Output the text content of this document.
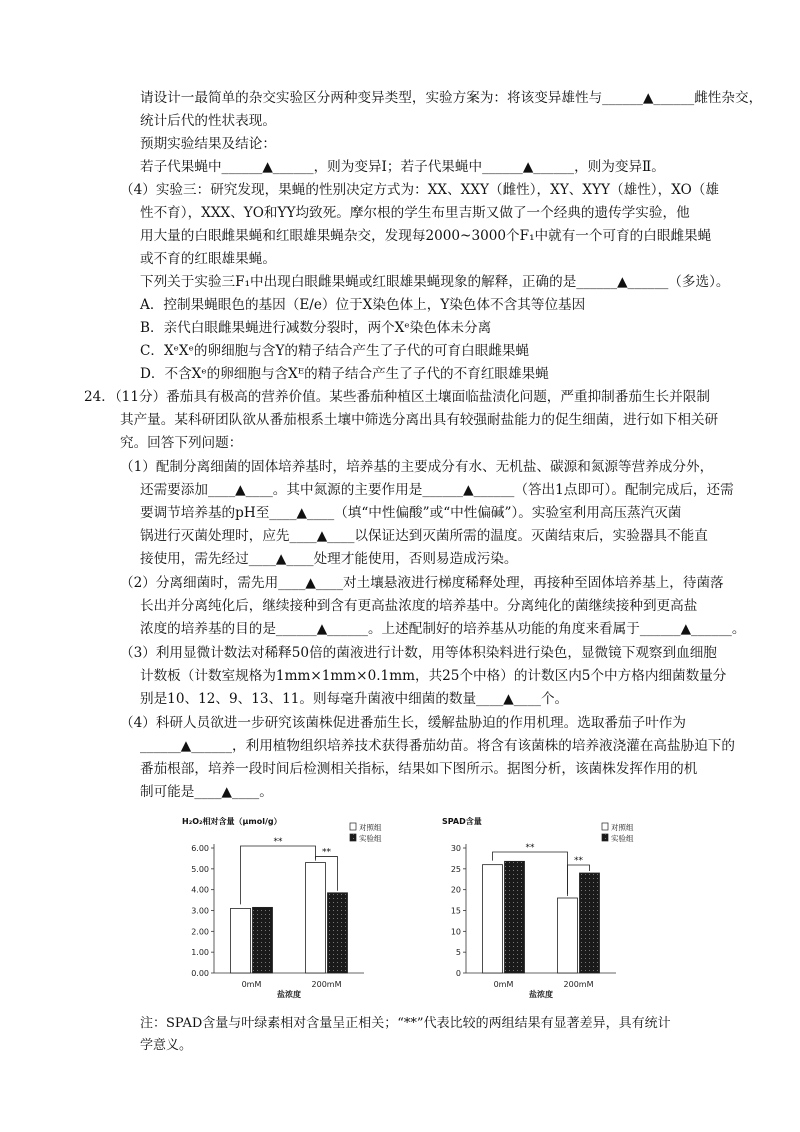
请设计一最简单的杂交实验区分两种变异类型，实验方案为：将该变异雄性与______▲______雌性杂交，
统计后代的性状表现。
预期实验结果及结论：
若子代果蝇中______▲______，则为变异Ⅰ；若子代果蝇中______▲______，则为变异Ⅱ。
（4）实验三：研究发现，果蝇的性别决定方式为：XX、XXY（雌性），XY、XYY（雄性），XO（雄
性不育），XXX、YO和YY均致死。摩尔根的学生布里吉斯又做了一个经典的遗传学实验，他
用大量的白眼雌果蝇和红眼雄果蝇杂交，发现每2000~3000个F₁中就有一个可育的白眼雌果蝇
或不育的红眼雄果蝇。
下列关于实验三F₁中出现白眼雌果蝇或红眼雄果蝇现象的解释，正确的是______▲______（多选）。
A．控制果蝇眼色的基因（E/e）位于X染色体上，Y染色体不含其等位基因
B．亲代白眼雌果蝇进行减数分裂时，两个Xᵉ染色体未分离
C．XᵉXᵉ的卵细胞与含Y的精子结合产生了子代的可育白眼雌果蝇
D．不含Xᵉ的卵细胞与含Xᴱ的精子结合产生了子代的不育红眼雄果蝇
24．（11分）番茄具有极高的营养价值。某些番茄种植区土壤面临盐渍化问题，严重抑制番茄生长并限制
其产量。某科研团队欲从番茄根系土壤中筛选分离出具有较强耐盐能力的促生细菌，进行如下相关研
究。回答下列问题：
（1）配制分离细菌的固体培养基时，培养基的主要成分有水、无机盐、碳源和氮源等营养成分外，
还需要添加____▲____。其中氮源的主要作用是______▲______（答出1点即可）。配制完成后，还需
要调节培养基的pH至____▲____（填“中性偏酸”或“中性偏碱”）。实验室利用高压蒸汽灭菌
锅进行灭菌处理时，应先____▲____以保证达到灭菌所需的温度。灭菌结束后，实验器具不能直
接使用，需先经过____▲____处理才能使用，否则易造成污染。
（2）分离细菌时，需先用____▲____对土壤悬液进行梯度稀释处理，再接种至固体培养基上，待菌落
长出并分离纯化后，继续接种到含有更高盐浓度的培养基中。分离纯化的菌继续接种到更高盐
浓度的培养基的目的是______▲______。上述配制好的培养基从功能的角度来看属于______▲______。
（3）利用显微计数法对稀释50倍的菌液进行计数，用等体积染料进行染色，显微镜下观察到血细胞
计数板（计数室规格为1mm×1mm×0.1mm，共25个中格）的计数区内5个中方格内细菌数量分
别是10、12、9、13、11。则每毫升菌液中细菌的数量____▲____个。
（4）科研人员欲进一步研究该菌株促进番茄生长，缓解盐胁迫的作用机理。选取番茄子叶作为
______▲______，利用植物组织培养技术获得番茄幼苗。将含有该菌株的培养液浇灌在高盐胁迫下的
番茄根部，培养一段时间后检测相关指标，结果如下图所示。据图分析，该菌株发挥作用的机
制可能是____▲____。
H₂O₂相对含量（μmol/g）
0.00
1.00
2.00
3.00
4.00
5.00
6.00
0mM	200mM
盐浓度
**
**
对照组
实验组
SPAD含量
0
5
10
15
20
25
30
0mM	200mM
盐浓度
**
**
对照组
实验组
注：SPAD含量与叶绿素相对含量呈正相关；“**”代表比较的两组结果有显著差异，具有统计
学意义。
